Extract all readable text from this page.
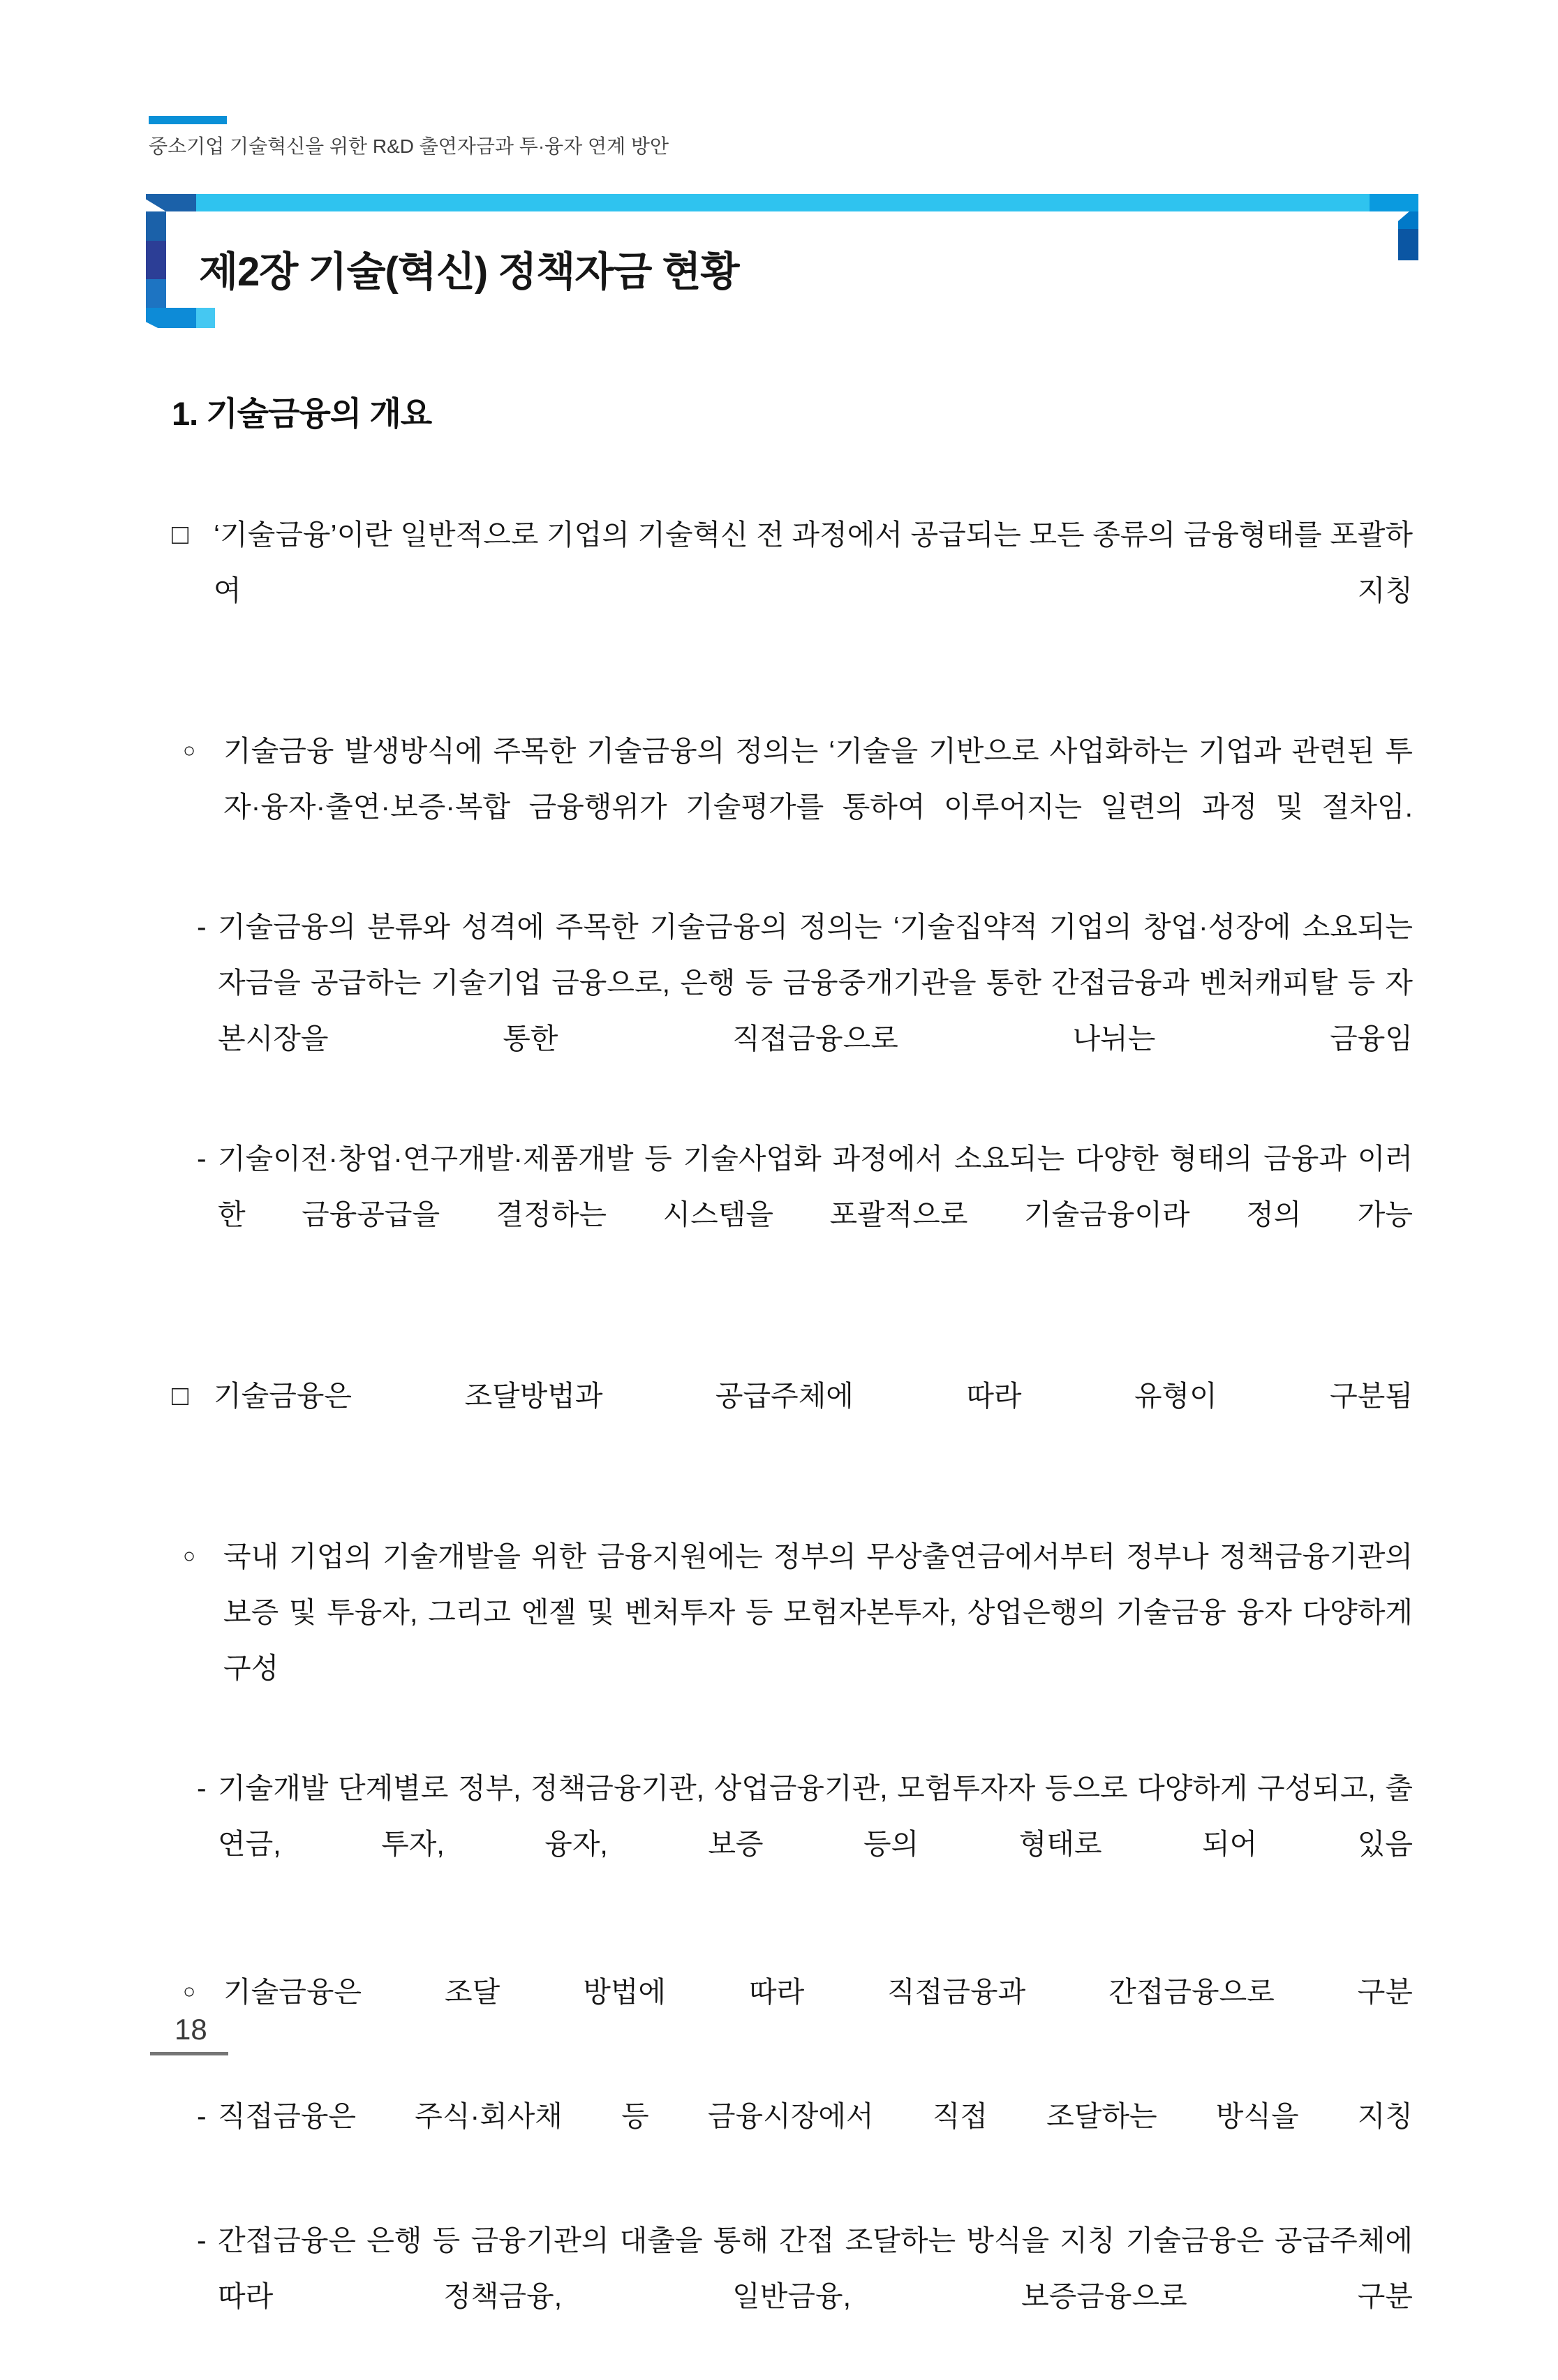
중소기업 기술혁신을 위한 R&D 출연자금과 투·융자 연계 방안
제2장 기술(혁신) 정책자금 현황
1. 기술금융의 개요
□ ‘기술금융’이란 일반적으로 기업의 기술혁신 전 과정에서 공급되는 모든 종류의 금융형태를 포괄하여 지칭
○ 기술금융 발생방식에 주목한 기술금융의 정의는 ‘기술을 기반으로 사업화하는 기업과 관련된 투자·융자·출연·보증·복합 금융행위가 기술평가를 통하여 이루어지는 일련의 과정 및 절차임.
- 기술금융의 분류와 성격에 주목한 기술금융의 정의는 ‘기술집약적 기업의 창업·성장에 소요되는 자금을 공급하는 기술기업 금융으로, 은행 등 금융중개기관을 통한 간접금융과 벤처캐피탈 등 자본시장을 통한 직접금융으로 나뉘는 금융임
- 기술이전·창업·연구개발·제품개발 등 기술사업화 과정에서 소요되는 다양한 형태의 금융과 이러한 금융공급을 결정하는 시스템을 포괄적으로 기술금융이라 정의 가능
□ 기술금융은 조달방법과 공급주체에 따라 유형이 구분됨
○ 국내 기업의 기술개발을 위한 금융지원에는 정부의 무상출연금에서부터 정부나 정책금융기관의 보증 및 투융자, 그리고 엔젤 및 벤처투자 등 모험자본투자, 상업은행의 기술금융 융자 다양하게 구성
- 기술개발 단계별로 정부, 정책금융기관, 상업금융기관, 모험투자자 등으로 다양하게 구성되고, 출연금, 투자, 융자, 보증 등의 형태로 되어 있음
○ 기술금융은 조달 방법에 따라 직접금융과 간접금융으로 구분
- 직접금융은 주식·회사채 등 금융시장에서 직접 조달하는 방식을 지칭
- 간접금융은 은행 등 금융기관의 대출을 통해 간접 조달하는 방식을 지칭 기술금융은 공급주체에 따라 정책금융, 일반금융, 보증금융으로 구분
18
